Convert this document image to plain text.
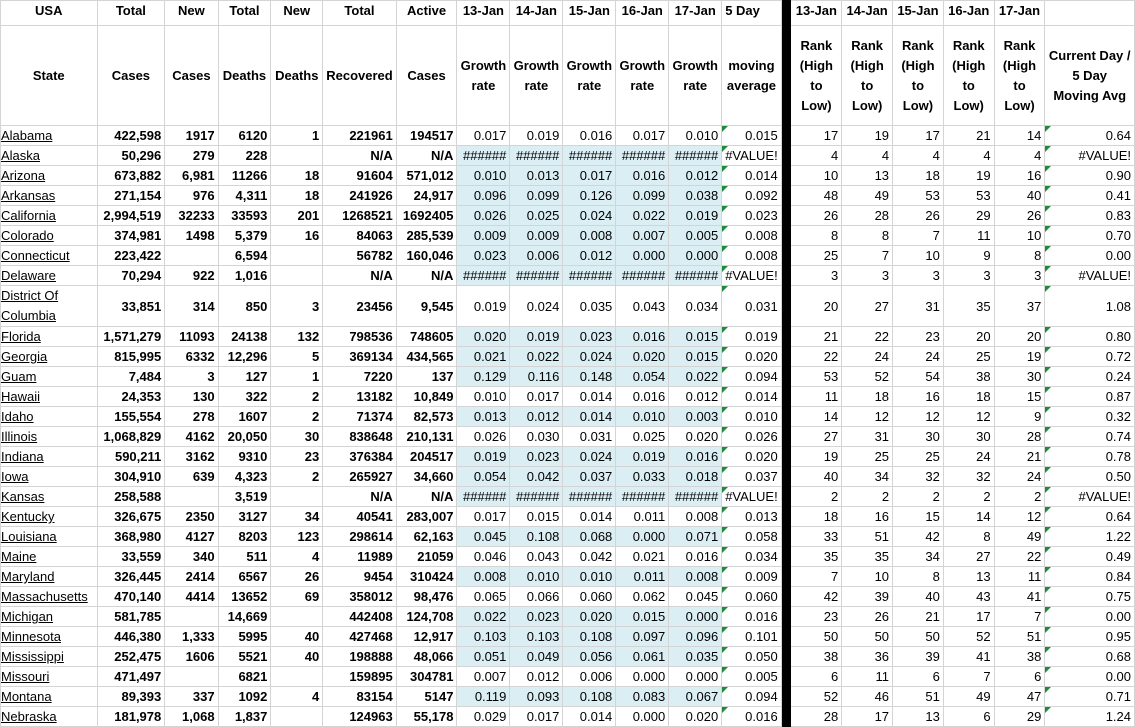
USA	Total	New	Total	New	Total	Active	13-Jan	14-Jan	15-Jan	16-Jan	17-Jan	5 Day		13-Jan	14-Jan	15-Jan	16-Jan	17-Jan	
State	Cases	Cases	Deaths	Deaths	Recovered	Cases	Growth rate	Growth rate	Growth rate	Growth rate	Growth rate	moving average		Rank (High to Low)	Rank (High to Low)	Rank (High to Low)	Rank (High to Low)	Rank (High to Low)	Current Day / 5 Day Moving Avg
Alabama	422,598	1917	6120	1	221961	194517	0.017	0.019	0.016	0.017	0.010	0.015		17	19	17	21	14	0.64
Alaska	50,296	279	228		N/A	N/A	######	######	######	######	######	#VALUE!		4	4	4	4	4	#VALUE!
Arizona	673,882	6,981	11266	18	91604	571,012	0.010	0.013	0.017	0.016	0.012	0.014		10	13	18	19	16	0.90
Arkansas	271,154	976	4,311	18	241926	24,917	0.096	0.099	0.126	0.099	0.038	0.092		48	49	53	53	40	0.41
California	2,994,519	32233	33593	201	1268521	1692405	0.026	0.025	0.024	0.022	0.019	0.023		26	28	26	29	26	0.83
Colorado	374,981	1498	5,379	16	84063	285,539	0.009	0.009	0.008	0.007	0.005	0.008		8	8	7	11	10	0.70
Connecticut	223,422		6,594		56782	160,046	0.023	0.006	0.012	0.000	0.000	0.008		25	7	10	9	8	0.00
Delaware	70,294	922	1,016		N/A	N/A	######	######	######	######	######	#VALUE!		3	3	3	3	3	#VALUE!
District Of Columbia	33,851	314	850	3	23456	9,545	0.019	0.024	0.035	0.043	0.034	0.031		20	27	31	35	37	1.08
Florida	1,571,279	11093	24138	132	798536	748605	0.020	0.019	0.023	0.016	0.015	0.019		21	22	23	20	20	0.80
Georgia	815,995	6332	12,296	5	369134	434,565	0.021	0.022	0.024	0.020	0.015	0.020		22	24	24	25	19	0.72
Guam	7,484	3	127	1	7220	137	0.129	0.116	0.148	0.054	0.022	0.094		53	52	54	38	30	0.24
Hawaii	24,353	130	322	2	13182	10,849	0.010	0.017	0.014	0.016	0.012	0.014		11	18	16	18	15	0.87
Idaho	155,554	278	1607	2	71374	82,573	0.013	0.012	0.014	0.010	0.003	0.010		14	12	12	12	9	0.32
Illinois	1,068,829	4162	20,050	30	838648	210,131	0.026	0.030	0.031	0.025	0.020	0.026		27	31	30	30	28	0.74
Indiana	590,211	3162	9310	23	376384	204517	0.019	0.023	0.024	0.019	0.016	0.020		19	25	25	24	21	0.78
Iowa	304,910	639	4,323	2	265927	34,660	0.054	0.042	0.037	0.033	0.018	0.037		40	34	32	32	24	0.50
Kansas	258,588		3,519		N/A	N/A	######	######	######	######	######	#VALUE!		2	2	2	2	2	#VALUE!
Kentucky	326,675	2350	3127	34	40541	283,007	0.017	0.015	0.014	0.011	0.008	0.013		18	16	15	14	12	0.64
Louisiana	368,980	4127	8203	123	298614	62,163	0.045	0.108	0.068	0.000	0.071	0.058		33	51	42	8	49	1.22
Maine	33,559	340	511	4	11989	21059	0.046	0.043	0.042	0.021	0.016	0.034		35	35	34	27	22	0.49
Maryland	326,445	2414	6567	26	9454	310424	0.008	0.010	0.010	0.011	0.008	0.009		7	10	8	13	11	0.84
Massachusetts	470,140	4414	13652	69	358012	98,476	0.065	0.066	0.060	0.062	0.045	0.060		42	39	40	43	41	0.75
Michigan	581,785		14,669		442408	124,708	0.022	0.023	0.020	0.015	0.000	0.016		23	26	21	17	7	0.00
Minnesota	446,380	1,333	5995	40	427468	12,917	0.103	0.103	0.108	0.097	0.096	0.101		50	50	50	52	51	0.95
Mississippi	252,475	1606	5521	40	198888	48,066	0.051	0.049	0.056	0.061	0.035	0.050		38	36	39	41	38	0.68
Missouri	471,497		6821		159895	304781	0.007	0.012	0.006	0.000	0.000	0.005		6	11	6	7	6	0.00
Montana	89,393	337	1092	4	83154	5147	0.119	0.093	0.108	0.083	0.067	0.094		52	46	51	49	47	0.71
Nebraska	181,978	1,068	1,837		124963	55,178	0.029	0.017	0.014	0.000	0.020	0.016		28	17	13	6	29	1.24
